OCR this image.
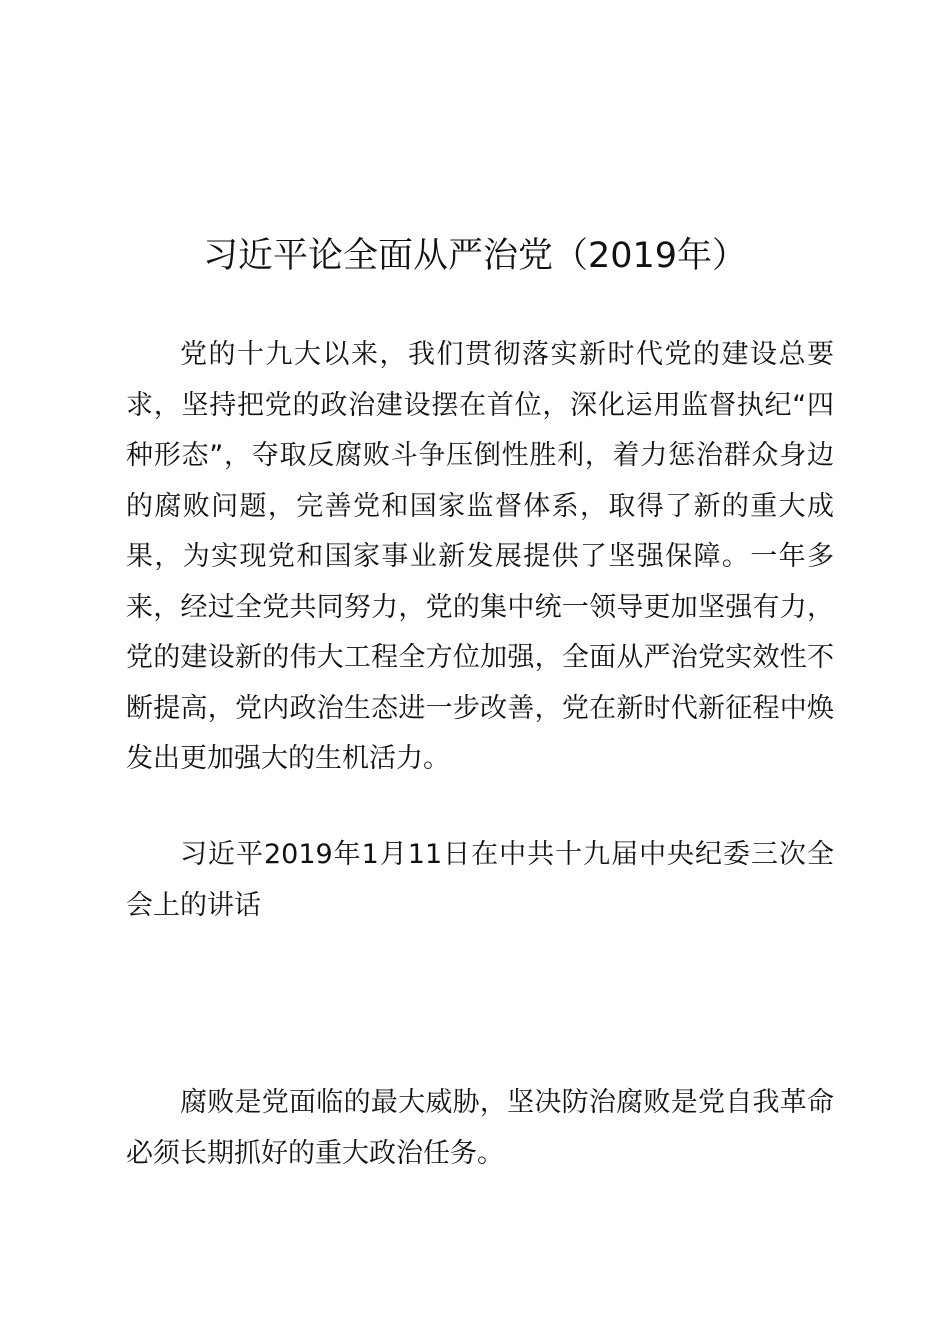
习近平论全面从严治党（2019年）

党的十九大以来，我们贯彻落实新时代党的建设总要求，坚持把党的政治建设摆在首位，深化运用监督执纪“四种形态”，夺取反腐败斗争压倒性胜利，着力惩治群众身边的腐败问题，完善党和国家监督体系，取得了新的重大成果，为实现党和国家事业新发展提供了坚强保障。一年多来，经过全党共同努力，党的集中统一领导更加坚强有力，党的建设新的伟大工程全方位加强，全面从严治党实效性不断提高，党内政治生态进一步改善，党在新时代新征程中焕发出更加强大的生机活力。

习近平2019年1月11日在中共十九届中央纪委三次全会上的讲话

腐败是党面临的最大威胁，坚决防治腐败是党自我革命必须长期抓好的重大政治任务。
